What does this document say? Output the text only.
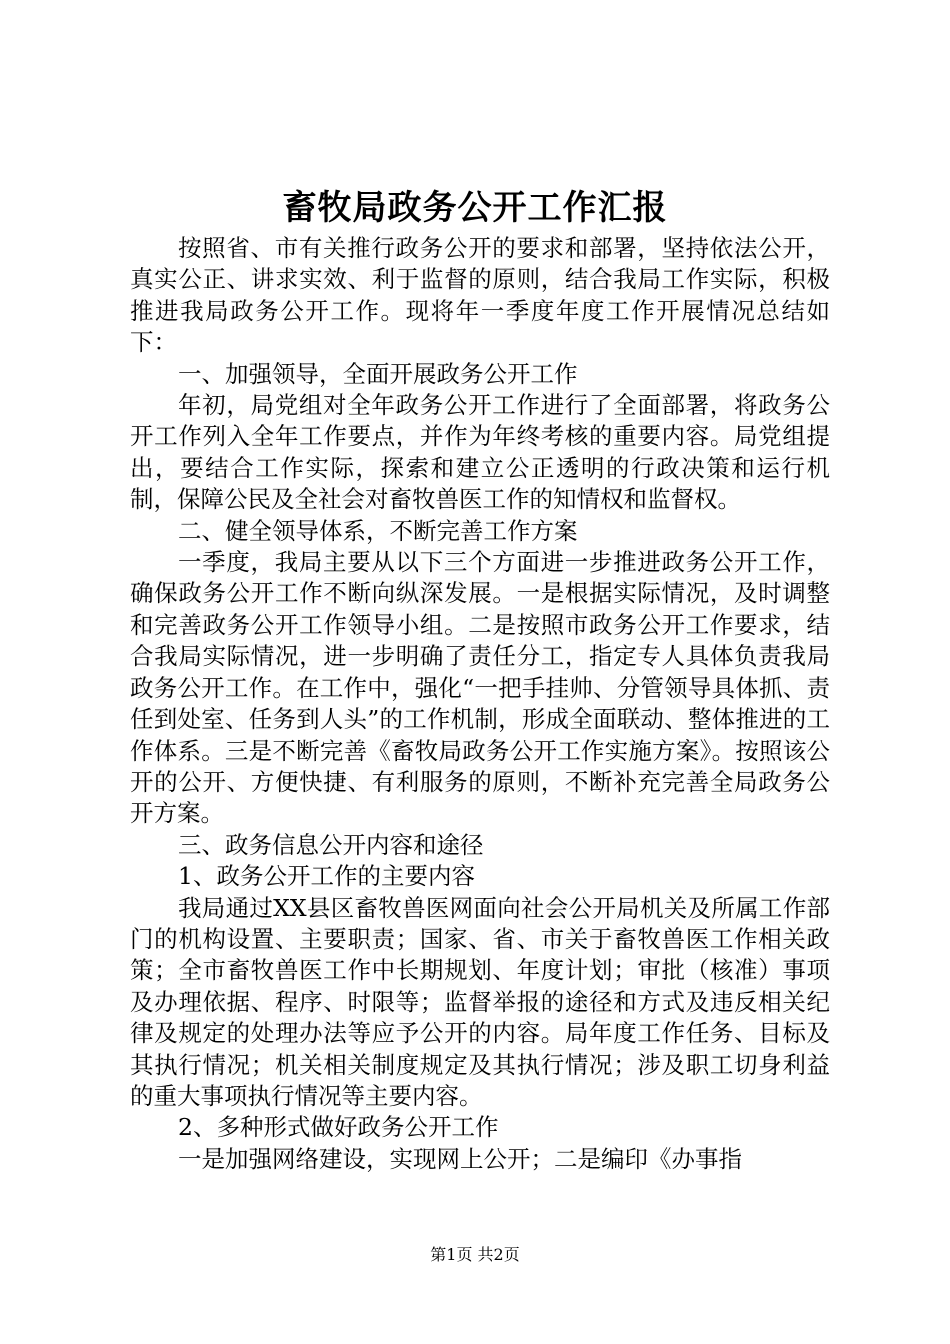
畜牧局政务公开工作汇报

按照省、市有关推行政务公开的要求和部署，坚持依法公开，真实公正、讲求实效、利于监督的原则，结合我局工作实际，积极推进我局政务公开工作。现将年一季度年度工作开展情况总结如下：

一、加强领导，全面开展政务公开工作

年初，局党组对全年政务公开工作进行了全面部署，将政务公开工作列入全年工作要点，并作为年终考核的重要内容。局党组提出，要结合工作实际，探索和建立公正透明的行政决策和运行机制，保障公民及全社会对畜牧兽医工作的知情权和监督权。

二、健全领导体系，不断完善工作方案

一季度，我局主要从以下三个方面进一步推进政务公开工作，确保政务公开工作不断向纵深发展。一是根据实际情况，及时调整和完善政务公开工作领导小组。二是按照市政务公开工作要求，结合我局实际情况，进一步明确了责任分工，指定专人具体负责我局政务公开工作。在工作中，强化“一把手挂帅、分管领导具体抓、责任到处室、任务到人头”的工作机制，形成全面联动、整体推进的工作体系。三是不断完善《畜牧局政务公开工作实施方案》。按照该公开的公开、方便快捷、有利服务的原则，不断补充完善全局政务公开方案。

三、政务信息公开内容和途径

1、政务公开工作的主要内容

我局通过XX县区畜牧兽医网面向社会公开局机关及所属工作部门的机构设置、主要职责；国家、省、市关于畜牧兽医工作相关政策；全市畜牧兽医工作中长期规划、年度计划；审批（核准）事项及办理依据、程序、时限等；监督举报的途径和方式及违反相关纪律及规定的处理办法等应予公开的内容。局年度工作任务、目标及其执行情况；机关相关制度规定及其执行情况；涉及职工切身利益的重大事项执行情况等主要内容。

2、多种形式做好政务公开工作

一是加强网络建设，实现网上公开；二是编印《办事指

第1页 共2页
